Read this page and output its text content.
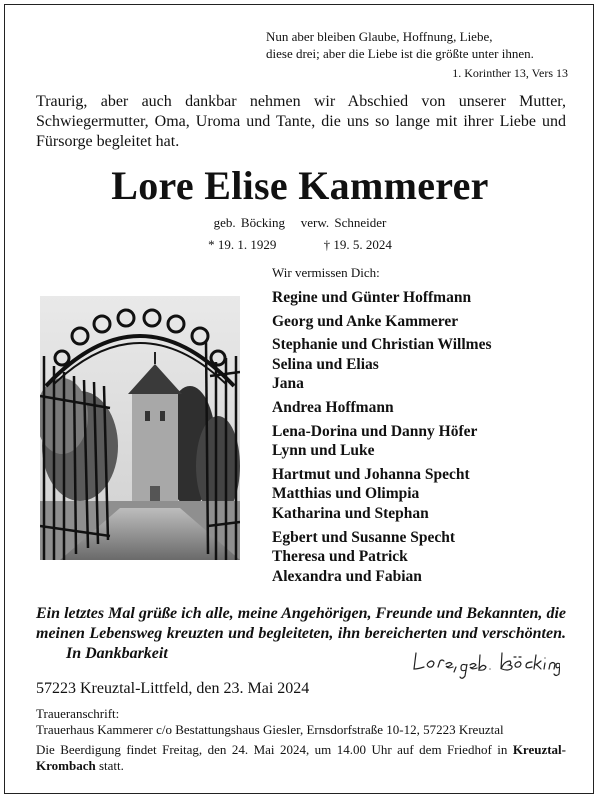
Nun aber bleiben Glaube, Hoffnung, Liebe,
diese drei; aber die Liebe ist die größte unter ihnen.
1. Korinther 13, Vers 13
Traurig, aber auch dankbar nehmen wir Abschied von unserer Mutter, Schwiegermutter, Oma, Uroma und Tante, die uns so lange mit ihrer Liebe und Fürsorge begleitet hat.
Lore Elise Kammerer
geb. Böcking   verw. Schneider
* 19. 1. 1929	† 19. 5. 2024
Wir vermissen Dich:
Regine und Günter Hoffmann
Georg und Anke Kammerer
Stephanie und Christian Willmes
Selina und Elias
Jana
Andrea Hoffmann
Lena-Dorina und Danny Höfer
Lynn und Luke
Hartmut und Johanna Specht
Matthias und Olimpia
Katharina und Stephan
Egbert und Susanne Specht
Theresa und Patrick
Alexandra und Fabian
Ein letztes Mal grüße ich alle, meine Angehörigen, Freunde und Bekannten, die meinen Lebensweg kreuzten und begleiteten, ihn bereicherten und verschönten. In Dankbarkeit
57223 Kreuztal-Littfeld, den 23. Mai 2024
Traueranschrift:
Trauerhaus Kammerer c/o Bestattungshaus Giesler, Ernsdorfstraße 10-12, 57223 Kreuztal
Die Beerdigung findet Freitag, den 24. Mai 2024, um 14.00 Uhr auf dem Friedhof in Kreuztal-Krombach statt.
